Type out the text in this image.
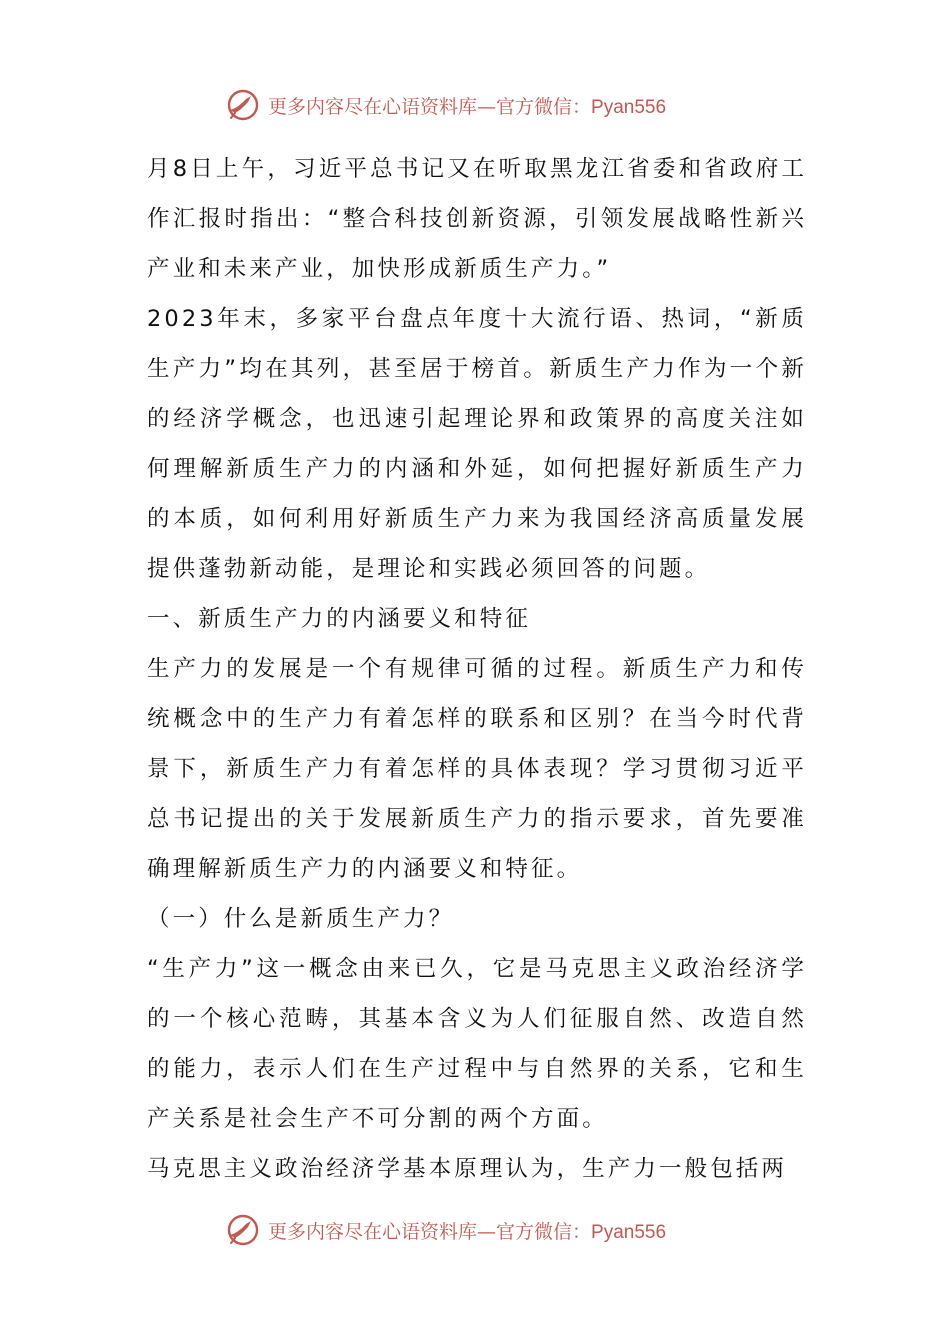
更多内容尽在心语资料库—官方微信：Pyan556

月8日上午，习近平总书记又在听取黑龙江省委和省政府工作汇报时指出：“整合科技创新资源，引领发展战略性新兴产业和未来产业，加快形成新质生产力。”

2023年末，多家平台盘点年度十大流行语、热词，“新质生产力”均在其列，甚至居于榜首。新质生产力作为一个新的经济学概念，也迅速引起理论界和政策界的高度关注如何理解新质生产力的内涵和外延，如何把握好新质生产力的本质，如何利用好新质生产力来为我国经济高质量发展提供蓬勃新动能，是理论和实践必须回答的问题。

一、新质生产力的内涵要义和特征

生产力的发展是一个有规律可循的过程。新质生产力和传统概念中的生产力有着怎样的联系和区别？在当今时代背景下，新质生产力有着怎样的具体表现？学习贯彻习近平总书记提出的关于发展新质生产力的指示要求，首先要准确理解新质生产力的内涵要义和特征。

（一）什么是新质生产力？

“生产力”这一概念由来已久，它是马克思主义政治经济学的一个核心范畴，其基本含义为人们征服自然、改造自然的能力，表示人们在生产过程中与自然界的关系，它和生产关系是社会生产不可分割的两个方面。

马克思主义政治经济学基本原理认为，生产力一般包括两

更多内容尽在心语资料库—官方微信：Pyan556
